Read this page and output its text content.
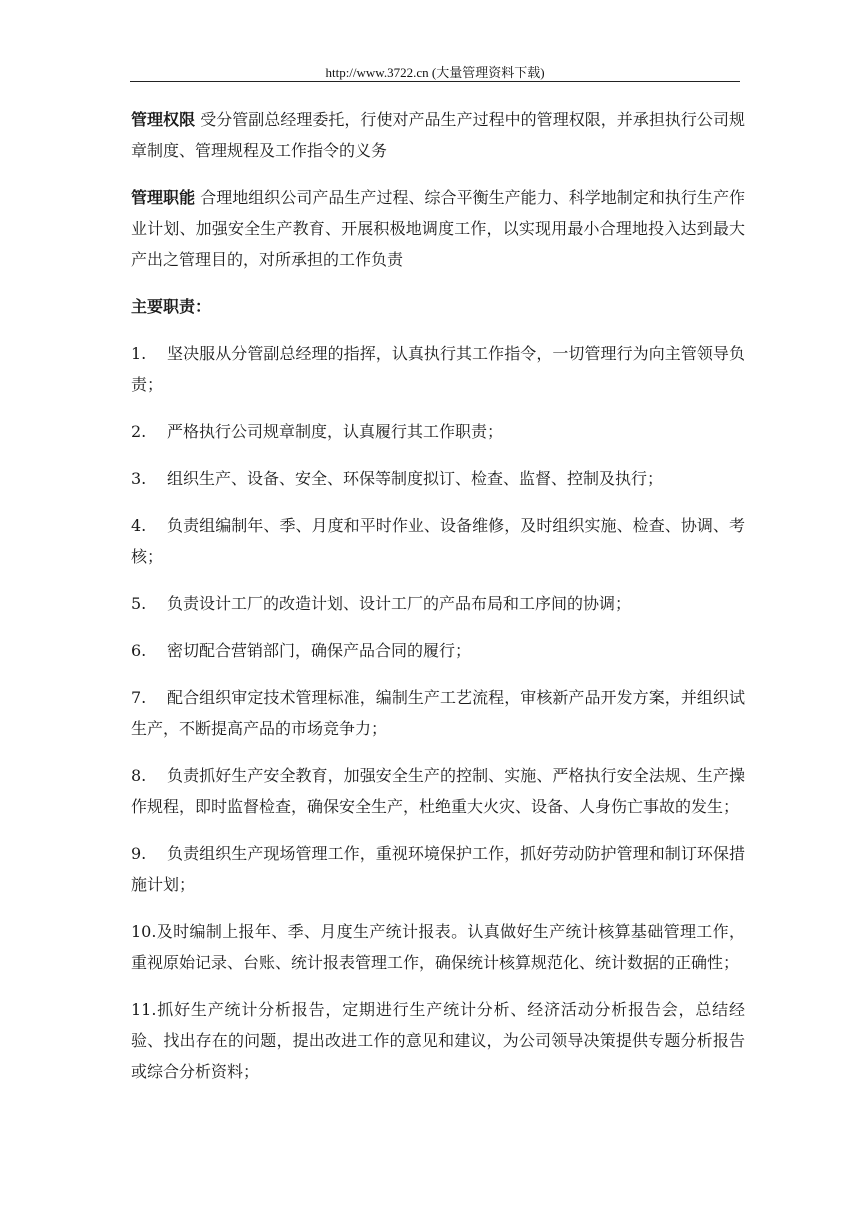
http://www.3722.cn (大量管理资料下载)

管理权限 受分管副总经理委托，行使对产品生产过程中的管理权限，并承担执行公司规章制度、管理规程及工作指令的义务

管理职能 合理地组织公司产品生产过程、综合平衡生产能力、科学地制定和执行生产作业计划、加强安全生产教育、开展积极地调度工作，以实现用最小合理地投入达到最大产出之管理目的，对所承担的工作负责

主要职责：

1. 坚决服从分管副总经理的指挥，认真执行其工作指令，一切管理行为向主管领导负责；

2. 严格执行公司规章制度，认真履行其工作职责；

3. 组织生产、设备、安全、环保等制度拟订、检查、监督、控制及执行；

4. 负责组编制年、季、月度和平时作业、设备维修，及时组织实施、检查、协调、考核；

5. 负责设计工厂的改造计划、设计工厂的产品布局和工序间的协调；

6. 密切配合营销部门，确保产品合同的履行；

7. 配合组织审定技术管理标准，编制生产工艺流程，审核新产品开发方案，并组织试生产，不断提高产品的市场竞争力；

8. 负责抓好生产安全教育，加强安全生产的控制、实施、严格执行安全法规、生产操作规程，即时监督检查，确保安全生产，杜绝重大火灾、设备、人身伤亡事故的发生；

9. 负责组织生产现场管理工作，重视环境保护工作，抓好劳动防护管理和制订环保措施计划；

10.及时编制上报年、季、月度生产统计报表。认真做好生产统计核算基础管理工作，重视原始记录、台账、统计报表管理工作，确保统计核算规范化、统计数据的正确性；

11.抓好生产统计分析报告，定期进行生产统计分析、经济活动分析报告会，总结经验、找出存在的问题，提出改进工作的意见和建议，为公司领导决策提供专题分析报告或综合分析资料；
